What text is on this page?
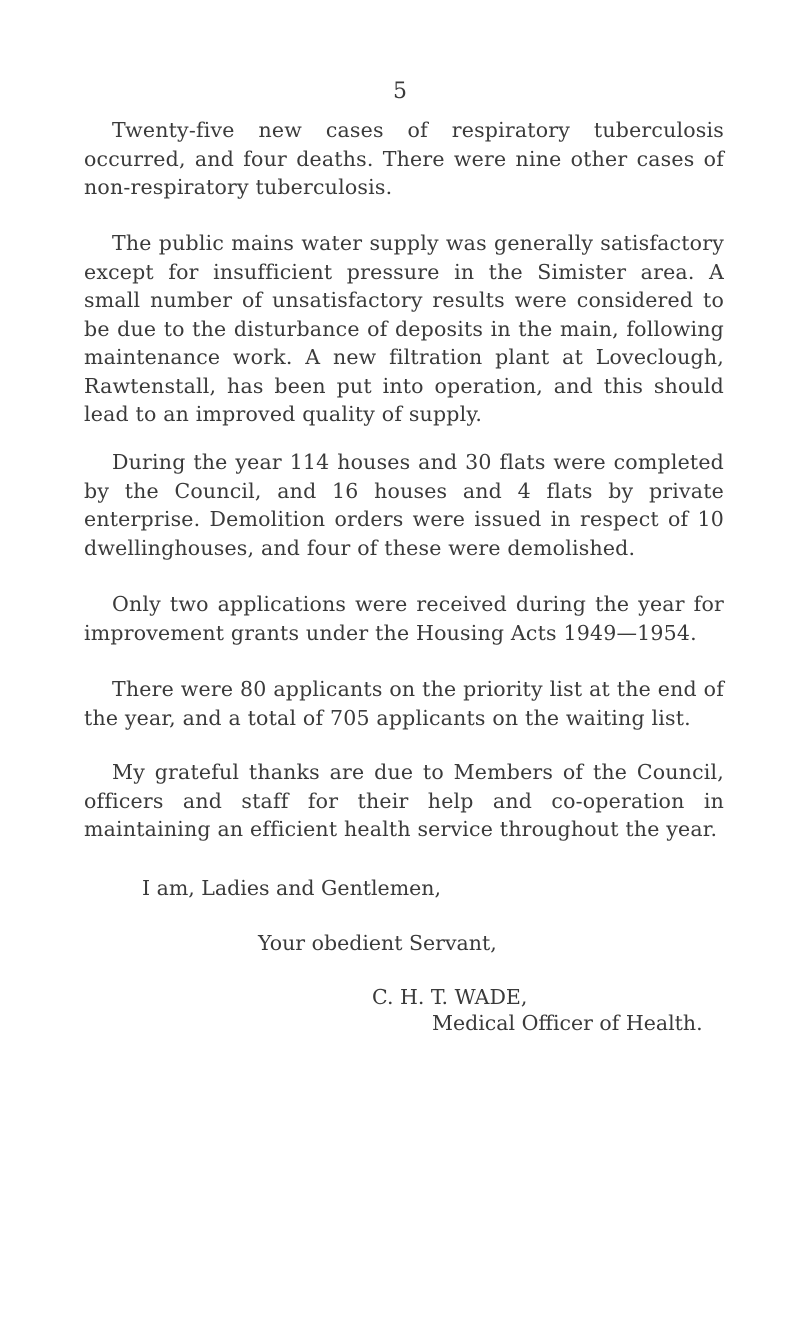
5

Twenty-five new cases of respiratory tuberculosis occurred, and four deaths. There were nine other cases of non-respiratory tuberculosis.

The public mains water supply was generally satisfactory except for insufficient pressure in the Simister area. A small number of unsatisfactory results were considered to be due to the disturbance of deposits in the main, following maintenance work. A new filtration plant at Loveclough, Rawtenstall, has been put into operation, and this should lead to an improved quality of supply.

During the year 114 houses and 30 flats were completed by the Council, and 16 houses and 4 flats by private enterprise. Demolition orders were issued in respect of 10 dwellinghouses, and four of these were demolished.

Only two applications were received during the year for improvement grants under the Housing Acts 1949—1954.

There were 80 applicants on the priority list at the end of the year, and a total of 705 applicants on the waiting list.

My grateful thanks are due to Members of the Council, officers and staff for their help and co-operation in maintaining an efficient health service throughout the year.

I am, Ladies and Gentlemen,

Your obedient Servant,

C. H. T. WADE,

Medical Officer of Health.
